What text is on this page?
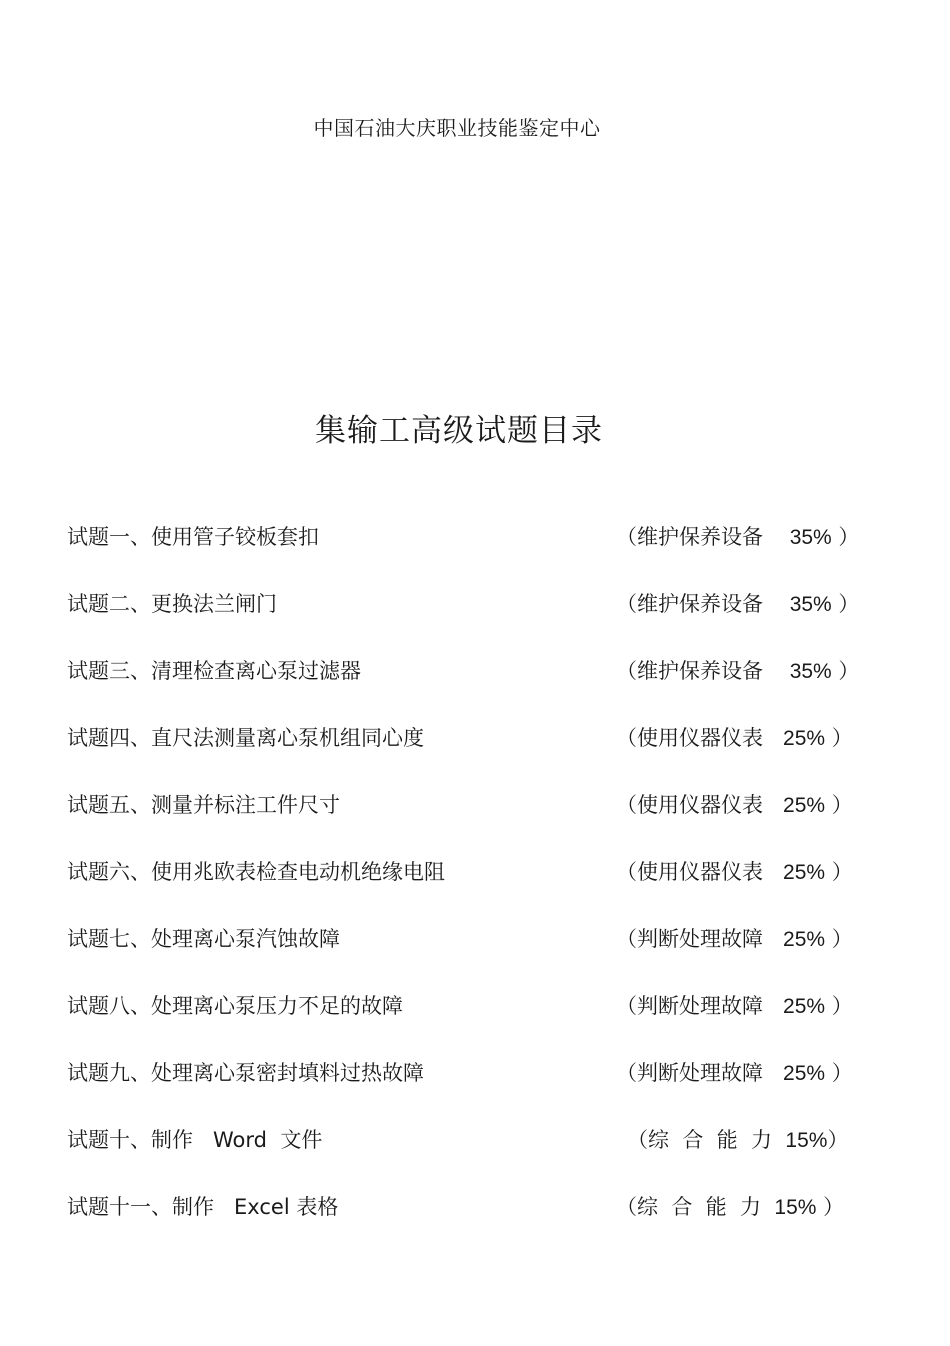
中国石油大庆职业技能鉴定中心
集输工高级试题目录
试题一、使用管子铰板套扣	（维护保养设备 35% ）
试题二、更换法兰闸门	（维护保养设备 35% ）
试题三、清理检查离心泵过滤器	（维护保养设备 35% ）
试题四、直尺法测量离心泵机组同心度	（使用仪器仪表 25% ）
试题五、测量并标注工件尺寸	（使用仪器仪表 25% ）
试题六、使用兆欧表检查电动机绝缘电阻	（使用仪器仪表 25% ）
试题七、处理离心泵汽蚀故障	（判断处理故障 25% ）
试题八、处理离心泵压力不足的故障	（判断处理故障 25% ）
试题九、处理离心泵密封填料过热故障	（判断处理故障 25% ）
试题十、制作   Word  文件	（综  合  能  力 15%）
试题十一、制作   Excel 表格	（综  合  能  力 15% ）
